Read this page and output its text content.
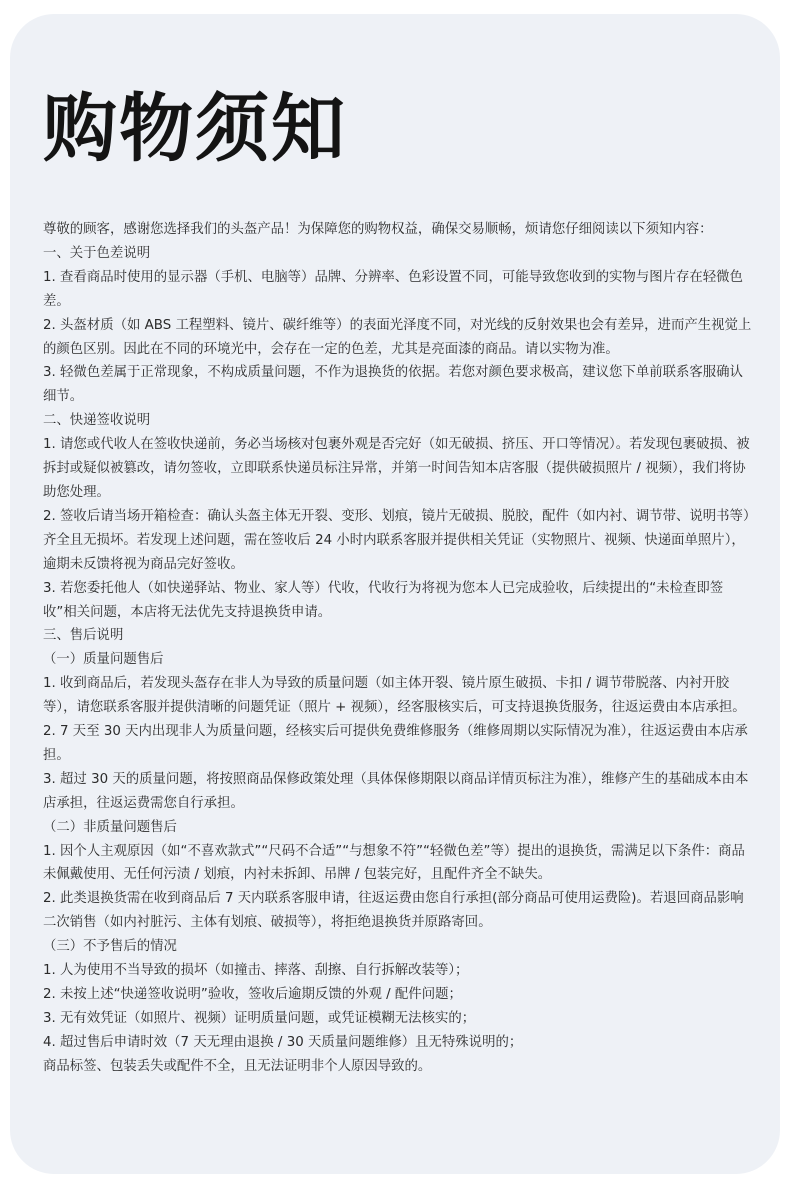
购物须知

尊敬的顾客，感谢您选择我们的头盔产品！为保障您的购物权益，确保交易顺畅，烦请您仔细阅读以下须知内容：

一、关于色差说明

1. 查看商品时使用的显示器（手机、电脑等）品牌、分辨率、色彩设置不同，可能导致您收到的实物与图片存在轻微色差。

2. 头盔材质（如 ABS 工程塑料、镜片、碳纤维等）的表面光泽度不同，对光线的反射效果也会有差异，进而产生视觉上的颜色区别。因此在不同的环境光中，会存在一定的色差，尤其是亮面漆的商品。请以实物为准。

3. 轻微色差属于正常现象，不构成质量问题，不作为退换货的依据。若您对颜色要求极高，建议您下单前联系客服确认细节。

二、快递签收说明

1. 请您或代收人在签收快递前，务必当场核对包裹外观是否完好（如无破损、挤压、开口等情况）。若发现包裹破损、被拆封或疑似被篡改，请勿签收，立即联系快递员标注异常，并第一时间告知本店客服（提供破损照片 / 视频），我们将协助您处理。

2. 签收后请当场开箱检查：确认头盔主体无开裂、变形、划痕，镜片无破损、脱胶，配件（如内衬、调节带、说明书等）齐全且无损坏。若发现上述问题，需在签收后 24 小时内联系客服并提供相关凭证（实物照片、视频、快递面单照片），逾期未反馈将视为商品完好签收。

3. 若您委托他人（如快递驿站、物业、家人等）代收，代收行为将视为您本人已完成验收，后续提出的“未检查即签收”相关问题，本店将无法优先支持退换货申请。

三、售后说明

（一）质量问题售后

1. 收到商品后，若发现头盔存在非人为导致的质量问题（如主体开裂、镜片原生破损、卡扣 / 调节带脱落、内衬开胶等），请您联系客服并提供清晰的问题凭证（照片 + 视频），经客服核实后，可支持退换货服务，往返运费由本店承担。

2. 7 天至 30 天内出现非人为质量问题，经核实后可提供免费维修服务（维修周期以实际情况为准），往返运费由本店承担。

3. 超过 30 天的质量问题，将按照商品保修政策处理（具体保修期限以商品详情页标注为准），维修产生的基础成本由本店承担，往返运费需您自行承担。

（二）非质量问题售后

1. 因个人主观原因（如“不喜欢款式”“尺码不合适”“与想象不符”“轻微色差”等）提出的退换货，需满足以下条件：商品未佩戴使用、无任何污渍 / 划痕，内衬未拆卸、吊牌 / 包装完好，且配件齐全不缺失。

2. 此类退换货需在收到商品后 7 天内联系客服申请，往返运费由您自行承担(部分商品可使用运费险)。若退回商品影响二次销售（如内衬脏污、主体有划痕、破损等），将拒绝退换货并原路寄回。

（三）不予售后的情况

1. 人为使用不当导致的损坏（如撞击、摔落、刮擦、自行拆解改装等）；

2. 未按上述“快递签收说明”验收，签收后逾期反馈的外观 / 配件问题；

3. 无有效凭证（如照片、视频）证明质量问题，或凭证模糊无法核实的；

4. 超过售后申请时效（7 天无理由退换 / 30 天质量问题维修）且无特殊说明的；

商品标签、包装丢失或配件不全，且无法证明非个人原因导致的。
